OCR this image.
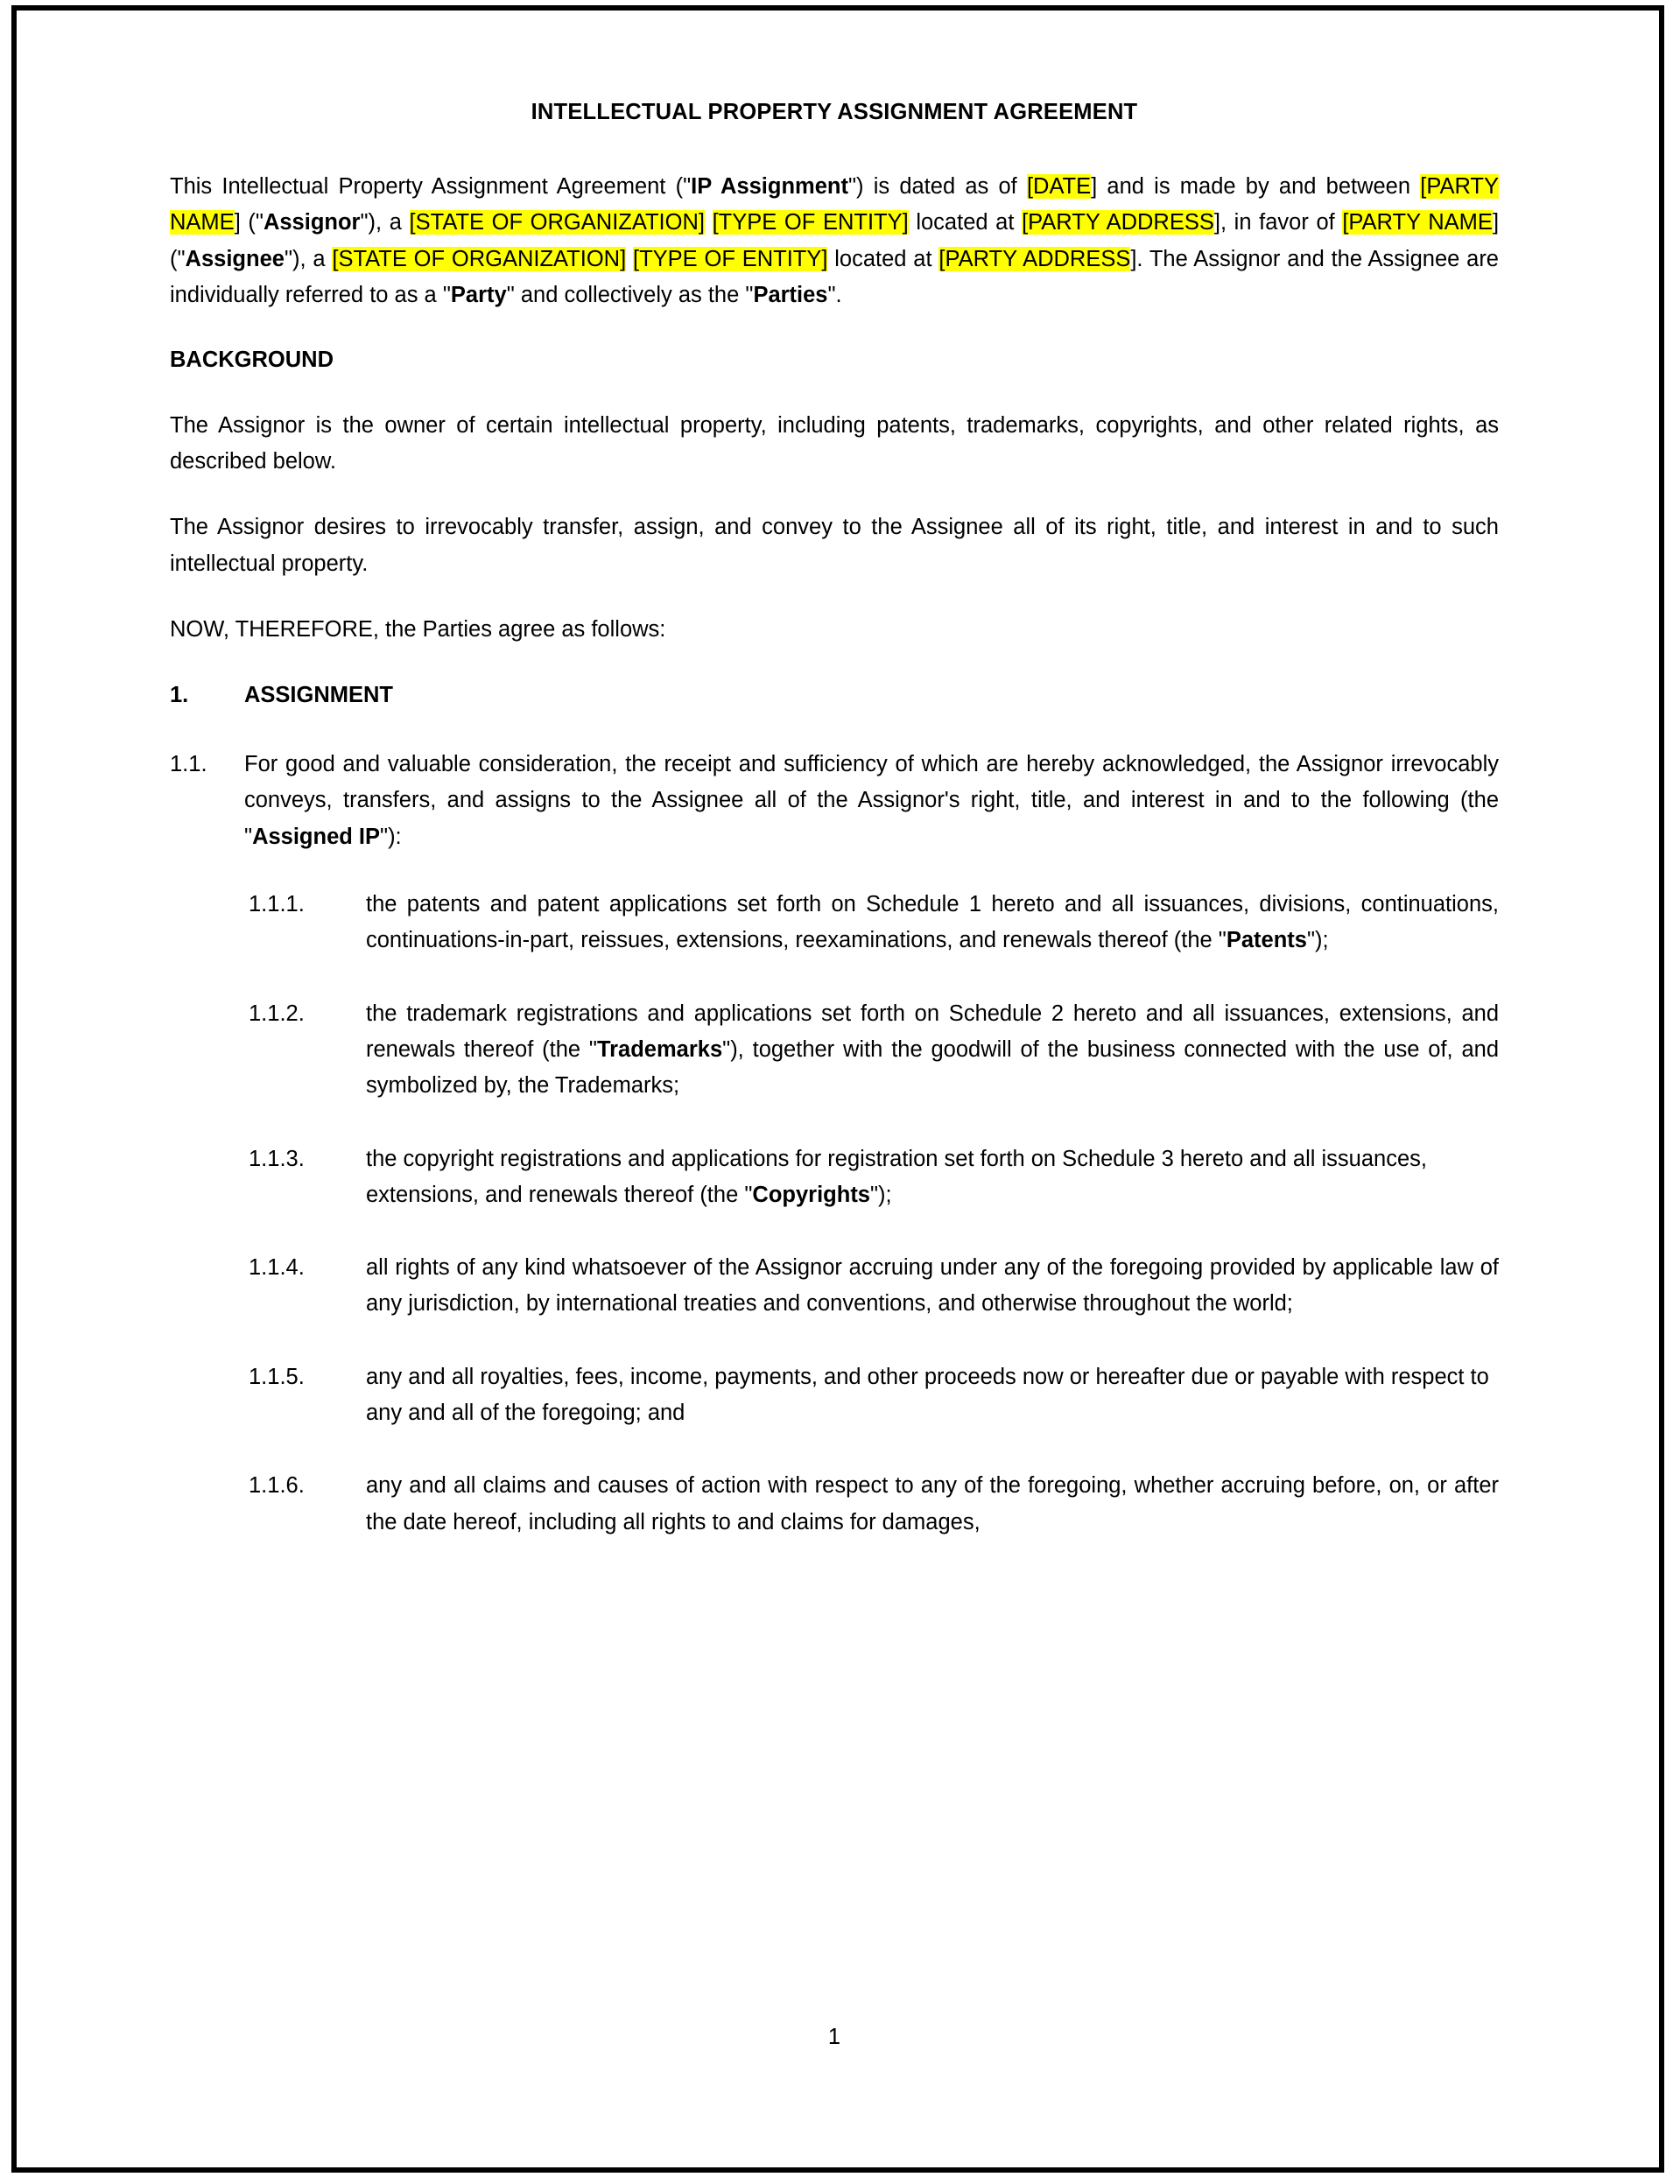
INTELLECTUAL PROPERTY ASSIGNMENT AGREEMENT

This Intellectual Property Assignment Agreement ("IP Assignment") is dated as of [DATE] and is made by and between [PARTY NAME] ("Assignor"), a [STATE OF ORGANIZATION] [TYPE OF ENTITY] located at [PARTY ADDRESS], in favor of [PARTY NAME] ("Assignee"), a [STATE OF ORGANIZATION] [TYPE OF ENTITY] located at [PARTY ADDRESS]. The Assignor and the Assignee are individually referred to as a "Party" and collectively as the "Parties".

BACKGROUND

The Assignor is the owner of certain intellectual property, including patents, trademarks, copyrights, and other related rights, as described below.

The Assignor desires to irrevocably transfer, assign, and convey to the Assignee all of its right, title, and interest in and to such intellectual property.

NOW, THEREFORE, the Parties agree as follows:

1.	ASSIGNMENT
1.1.	For good and valuable consideration, the receipt and sufficiency of which are hereby acknowledged, the Assignor irrevocably conveys, transfers, and assigns to the Assignee all of the Assignor's right, title, and interest in and to the following (the "Assigned IP"):
1.1.1.	the patents and patent applications set forth on Schedule 1 hereto and all issuances, divisions, continuations, continuations-in-part, reissues, extensions, reexaminations, and renewals thereof (the "Patents");
1.1.2.	the trademark registrations and applications set forth on Schedule 2 hereto and all issuances, extensions, and renewals thereof (the "Trademarks"), together with the goodwill of the business connected with the use of, and symbolized by, the Trademarks;
1.1.3.	the copyright registrations and applications for registration set forth on Schedule 3 hereto and all issuances, extensions, and renewals thereof (the "Copyrights");
1.1.4.	all rights of any kind whatsoever of the Assignor accruing under any of the foregoing provided by applicable law of any jurisdiction, by international treaties and conventions, and otherwise throughout the world;
1.1.5.	any and all royalties, fees, income, payments, and other proceeds now or hereafter due or payable with respect to any and all of the foregoing; and
1.1.6.	any and all claims and causes of action with respect to any of the foregoing, whether accruing before, on, or after the date hereof, including all rights to and claims for damages,
1
